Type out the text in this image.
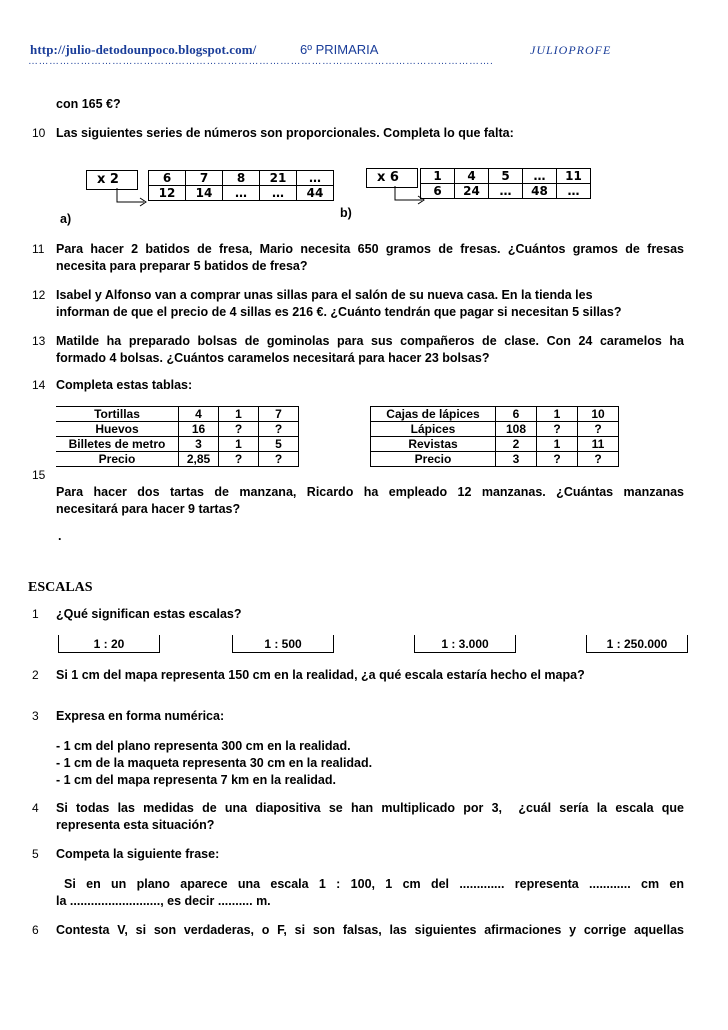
http://julio-detodounpoco.blogspot.com/	6º PRIMARIA	JULIOPROFE
…………………………………………………………………………………………………………………….
con 165 €?
10 Las siguientes series de números son proporcionales. Completa lo que falta:
x 2	6	7	8	21	…
12	14	…	…	44
a)	b)
x 6	1	4	5	…	11
6	24	…	48	…
11 Para hacer 2 batidos de fresa, Mario necesita 650 gramos de fresas. ¿Cuántos gramos de fresas
necesita para preparar 5 batidos de fresa?
12 Isabel y Alfonso van a comprar unas sillas para el salón de su nueva casa. En la tienda les
informan de que el precio de 4 sillas es 216 €. ¿Cuánto tendrán que pagar si necesitan 5 sillas?
13 Matilde ha preparado bolsas de gominolas para sus compañeros de clase. Con 24 caramelos ha
formado 4 bolsas. ¿Cuántos caramelos necesitará para hacer 23 bolsas?
14 Completa estas tablas:
Tortillas	4	1	7
Huevos	16	?	?
Billetes de metro	3	1	5
Precio	2,85	?	?
Cajas de lápices	6	1	10
Lápices	108	?	?
Revistas	2	1	11
Precio	3	?	?
15
Para hacer dos tartas de manzana, Ricardo ha empleado 12 manzanas. ¿Cuántas manzanas
necesitará para hacer 9 tartas?
.
ESCALAS
1 ¿Qué significan estas escalas?
1 : 20	1 : 500	1 : 3.000	1 : 250.000
2 Si 1 cm del mapa representa 150 cm en la realidad, ¿a qué escala estaría hecho el mapa?
3 Expresa en forma numérica:
- 1 cm del plano representa 300 cm en la realidad.
- 1 cm de la maqueta representa 30 cm en la realidad.
- 1 cm del mapa representa 7 km en la realidad.
4 Si todas las medidas de una diapositiva se han multiplicado por 3,  ¿cuál sería la escala que
representa esta situación?
5 Competa la siguiente frase:
Si en un plano aparece una escala 1 : 100, 1 cm del ............. representa ............ cm en
la .........................., es decir .......... m.
6 Contesta V, si son verdaderas, o F, si son falsas, las siguientes afirmaciones y corrige aquellas
